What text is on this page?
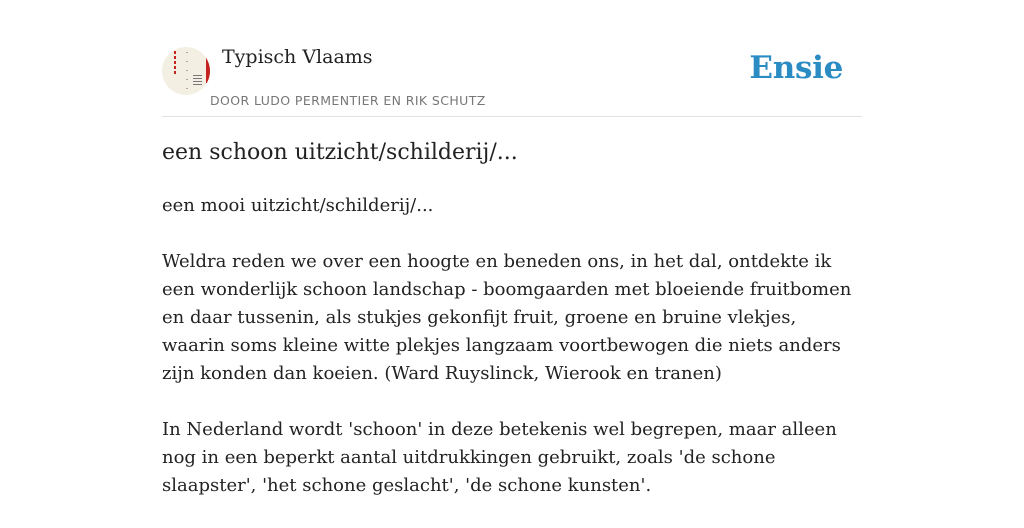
·
·
·
·
·
Typisch Vlaams
DOOR LUDO PERMENTIER EN RIK SCHUTZ
Ensie
een schoon uitzicht/schilderij/...

een mooi uitzicht/schilderij/...

Weldra reden we over een hoogte en beneden ons, in het dal, ontdekte ik een wonderlijk schoon landschap - boomgaarden met bloeiende fruitbomen en daar tussenin, als stukjes gekonfijt fruit, groene en bruine vlekjes, waarin soms kleine witte plekjes langzaam voortbewogen die niets anders zijn konden dan koeien. (Ward Ruyslinck, Wierook en tranen)

In Nederland wordt 'schoon' in deze betekenis wel begrepen, maar alleen nog in een beperkt aantal uitdrukkingen gebruikt, zoals 'de schone slaapster', 'het schone geslacht', 'de schone kunsten'.
